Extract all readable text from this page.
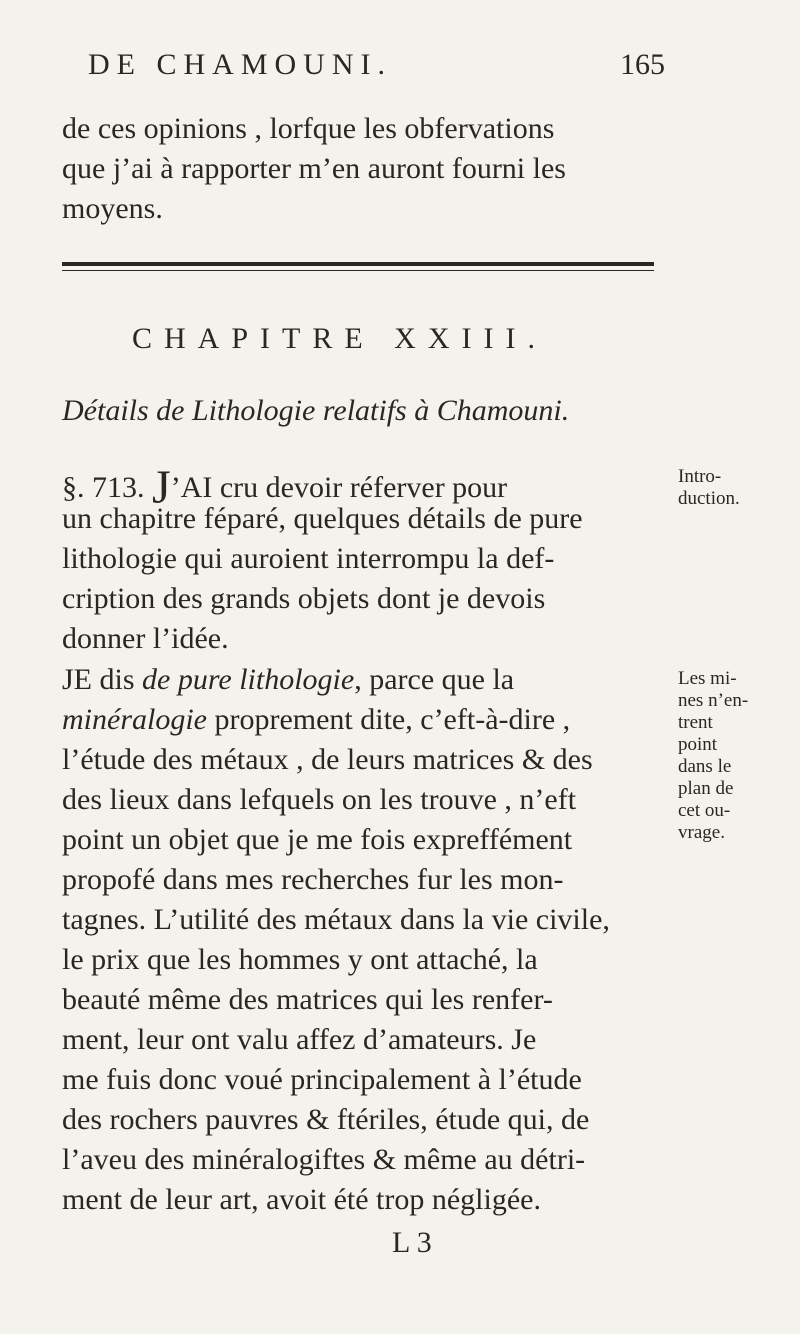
DE CHAMOUNI.	165
de ces opinions , lorfque les obfervations
que j’ai à rapporter m’en auront fourni les
moyens.
CHAPITRE XXIII.
Détails de Lithologie relatifs à Chamouni.
§. 713. J’AI cru devoir réferver pour
un chapitre féparé, quelques détails de pure
lithologie qui auroient interrompu la def-
cription des grands objets dont je devois
donner l’idée.
JE dis de pure lithologie, parce que la
minéralogie proprement dite, c’eft-à-dire ,
l’étude des métaux , de leurs matrices & des
des lieux dans lefquels on les trouve , n’eft
point un objet que je me fois expreffément
propofé dans mes recherches fur les mon-
tagnes. L’utilité des métaux dans la vie civile,
le prix que les hommes y ont attaché, la
beauté même des matrices qui les renfer-
ment, leur ont valu affez d’amateurs. Je
me fuis donc voué principalement à l’étude
des rochers pauvres & ftériles, étude qui, de
l’aveu des minéralogiftes & même au détri-
ment de leur art, avoit été trop négligée.
L 3
Intro-
duction.
Les mi-
nes n’en-
trent
point
dans le
plan de
cet ou-
vrage.
